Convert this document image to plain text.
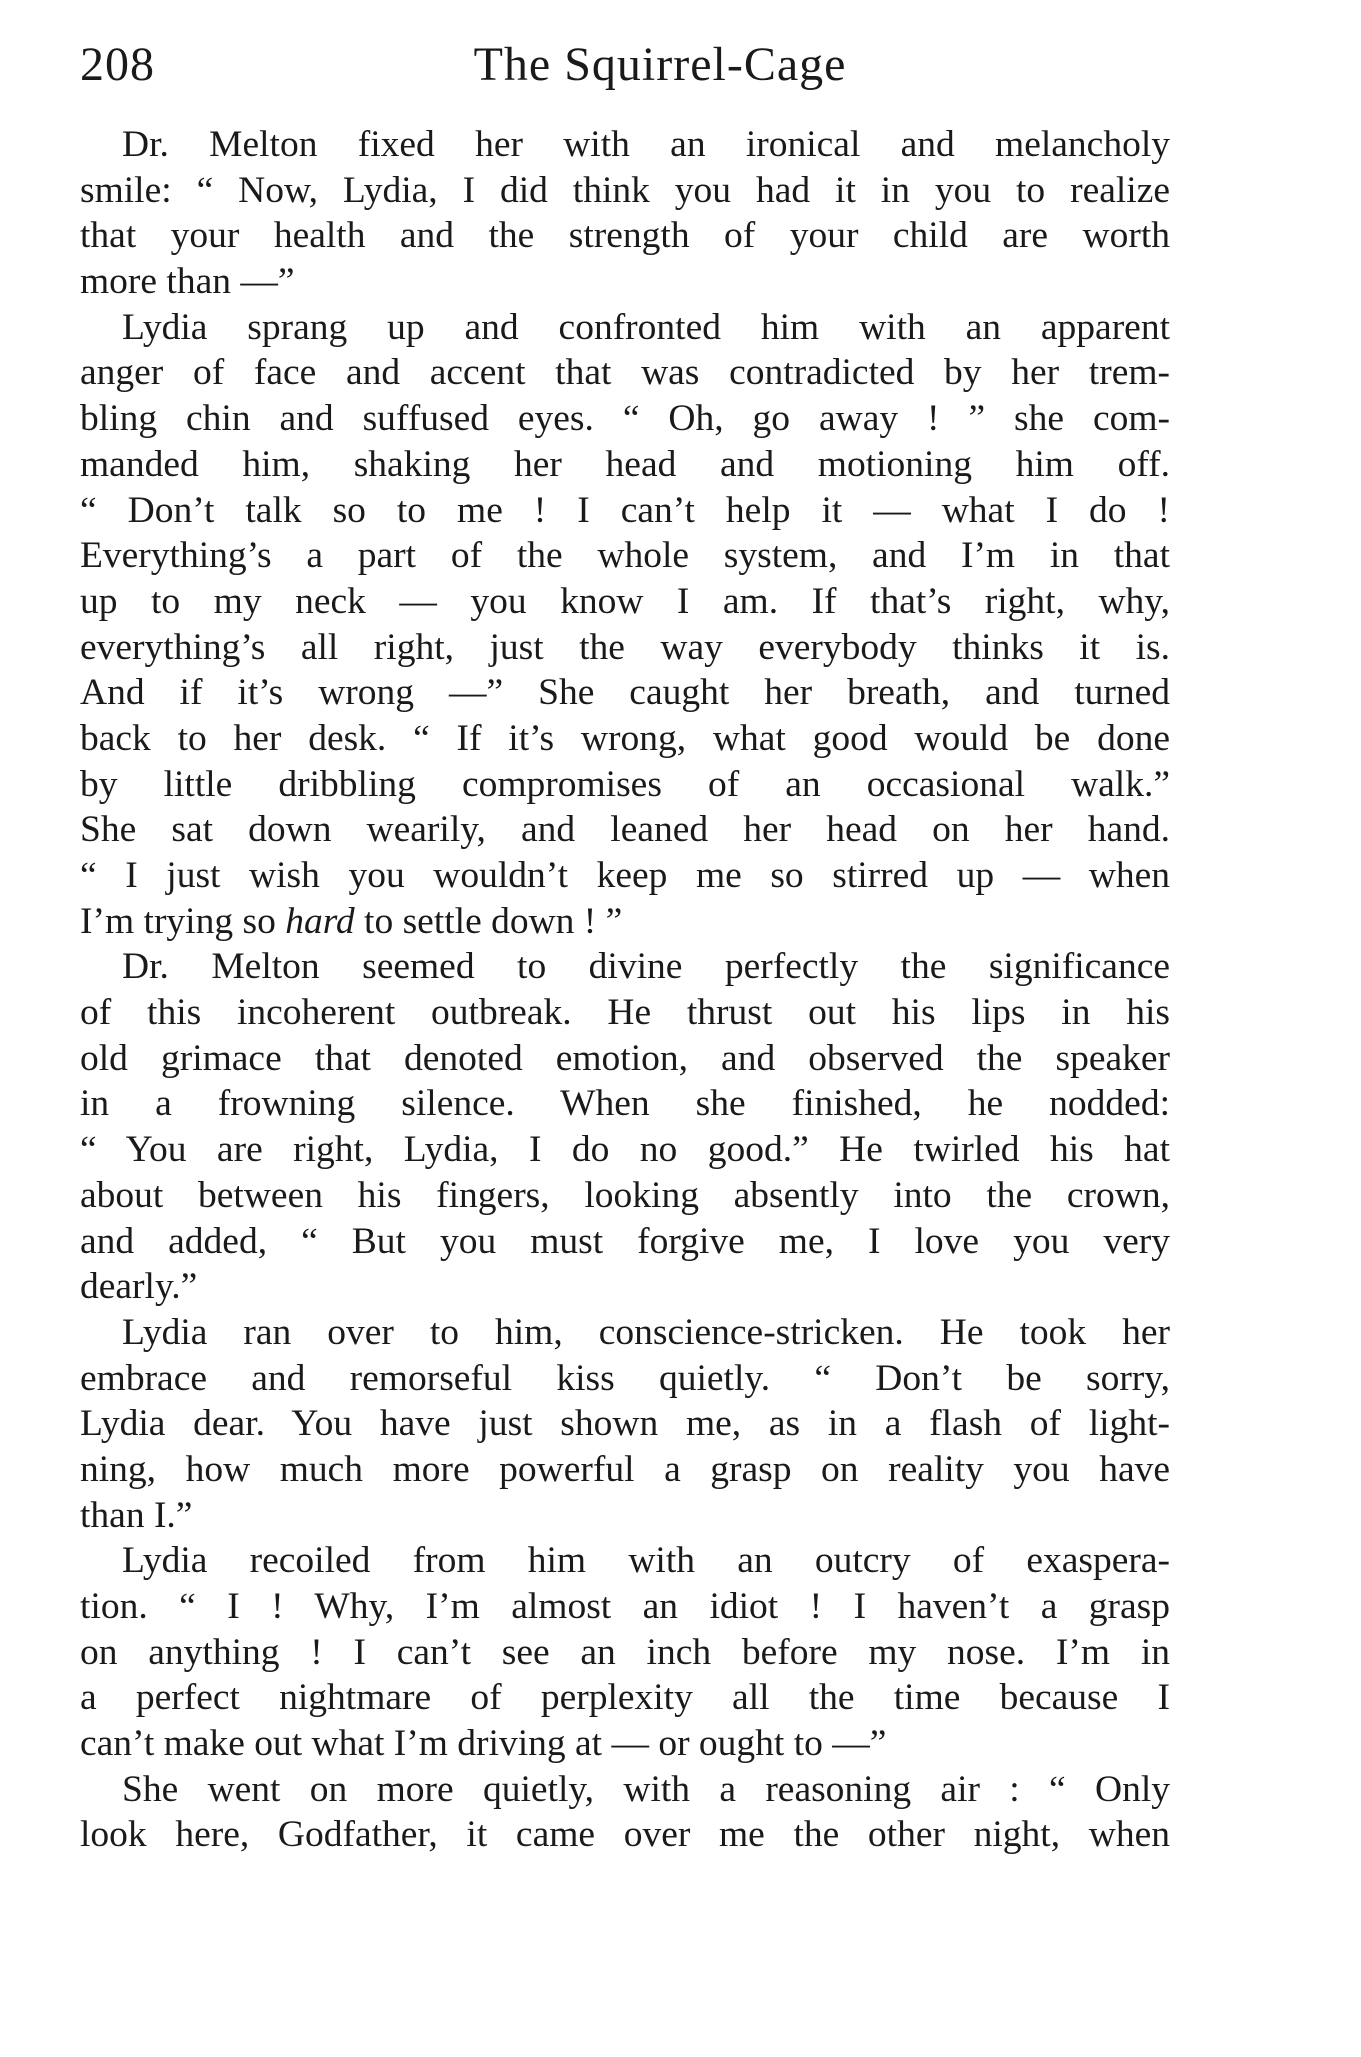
208	The Squirrel-Cage
Dr. Melton fixed her with an ironical and melancholy
smile: “ Now, Lydia, I did think you had it in you to realize
that your health and the strength of your child are worth
more than —”
Lydia sprang up and confronted him with an apparent
anger of face and accent that was contradicted by her trem-
bling chin and suffused eyes. “ Oh, go away ! ” she com-
manded him, shaking her head and motioning him off.
“ Don’t talk so to me ! I can’t help it — what I do !
Everything’s a part of the whole system, and I’m in that
up to my neck — you know I am. If that’s right, why,
everything’s all right, just the way everybody thinks it is.
And if it’s wrong —” She caught her breath, and turned
back to her desk. “ If it’s wrong, what good would be done
by little dribbling compromises of an occasional walk.”
She sat down wearily, and leaned her head on her hand.
“ I just wish you wouldn’t keep me so stirred up — when
I’m trying so hard to settle down ! ”
Dr. Melton seemed to divine perfectly the significance
of this incoherent outbreak. He thrust out his lips in his
old grimace that denoted emotion, and observed the speaker
in a frowning silence. When she finished, he nodded:
“ You are right, Lydia, I do no good.” He twirled his hat
about between his fingers, looking absently into the crown,
and added, “ But you must forgive me, I love you very
dearly.”
Lydia ran over to him, conscience-stricken. He took her
embrace and remorseful kiss quietly. “ Don’t be sorry,
Lydia dear. You have just shown me, as in a flash of light-
ning, how much more powerful a grasp on reality you have
than I.”
Lydia recoiled from him with an outcry of exaspera-
tion. “ I ! Why, I’m almost an idiot ! I haven’t a grasp
on anything ! I can’t see an inch before my nose. I’m in
a perfect nightmare of perplexity all the time because I
can’t make out what I’m driving at — or ought to —”
She went on more quietly, with a reasoning air : “ Only
look here, Godfather, it came over me the other night, when
